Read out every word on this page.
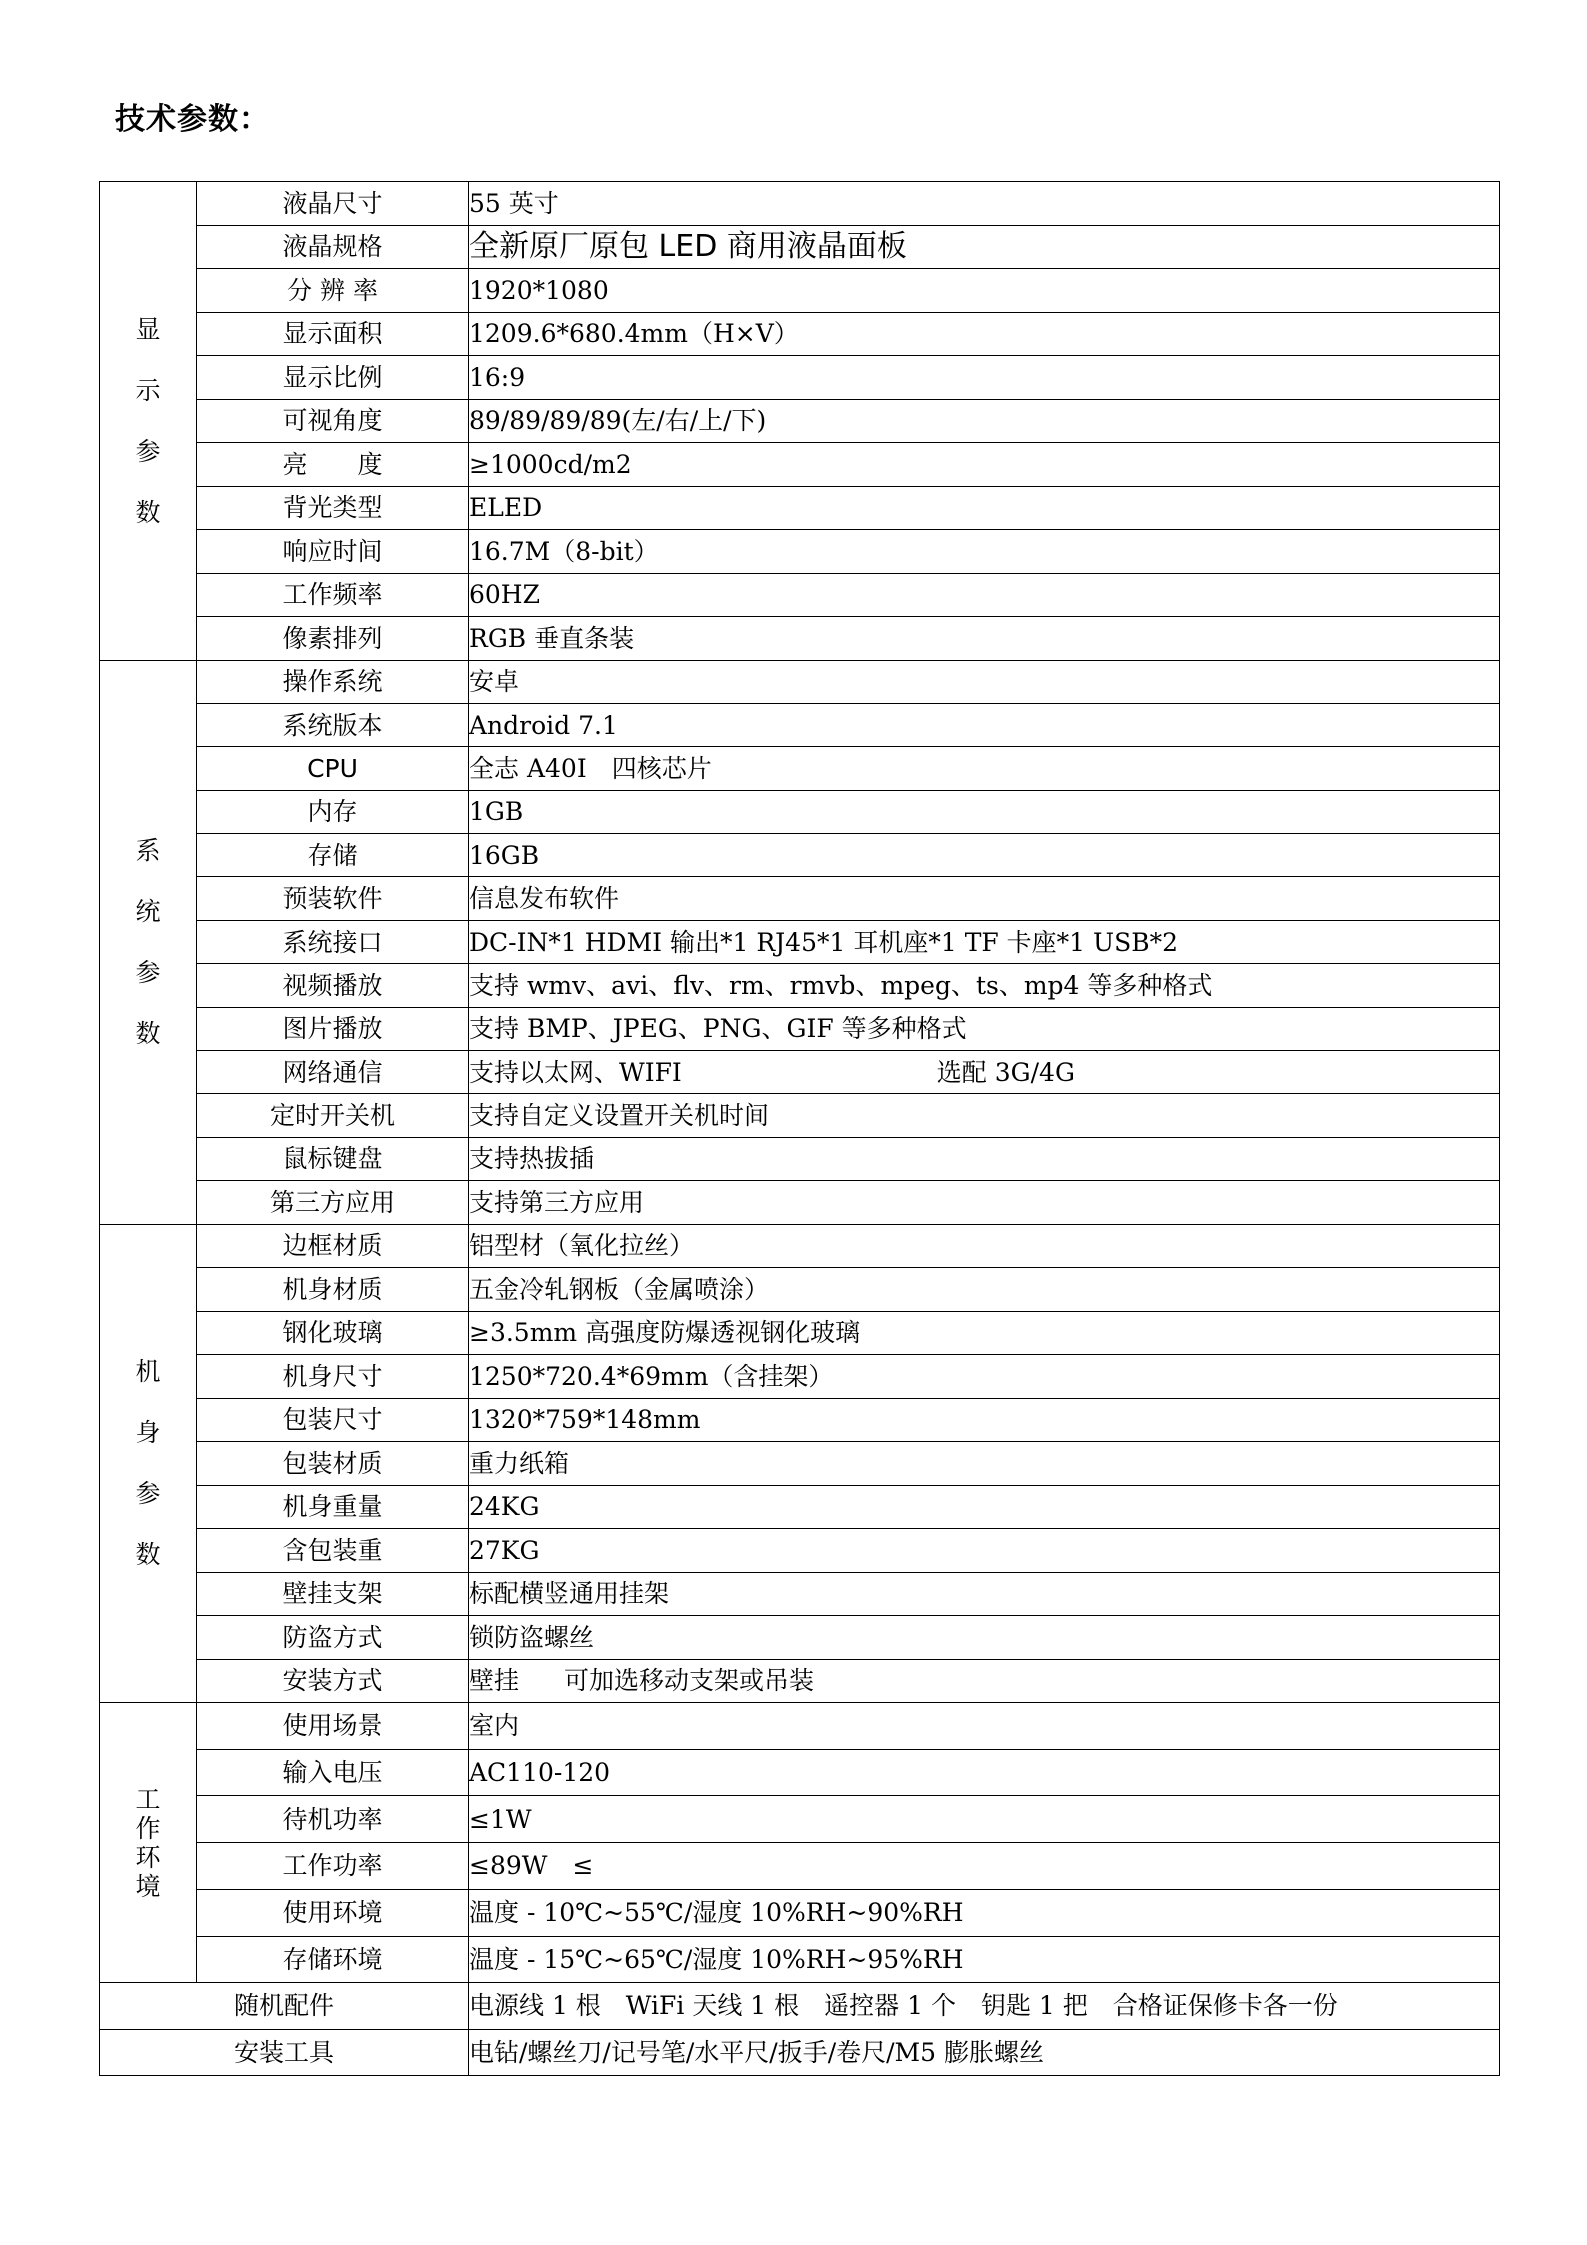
技术参数：
显
示
参
数	液晶尺寸	55 英寸
	液晶规格	全新原厂原包 LED 商用液晶面板
	分 辨 率	1920*1080
	显示面积	1209.6*680.4mm（H×V）
	显示比例	16:9
	可视角度	89/89/89/89(左/右/上/下)
	亮　　度	≥1000cd/m2
	背光类型	ELED
	响应时间	16.7M（8-bit）
	工作频率	60HZ
	像素排列	RGB 垂直条装

系
统
参
数	操作系统	安卓
	系统版本	Android 7.1
	CPU	全志 A40I　四核芯片
	内存	1GB
	存储	16GB
	预装软件	信息发布软件
	系统接口	DC-IN*1 HDMI 输出*1 RJ45*1 耳机座*1 TF 卡座*1 USB*2
	视频播放	支持 wmv、avi、flv、rm、rmvb、mpeg、ts、mp4 等多种格式
	图片播放	支持 BMP、JPEG、PNG、GIF 等多种格式
	网络通信	支持以太网、WIFI 选配 3G/4G
	定时开关机	支持自定义设置开关机时间
	鼠标键盘	支持热拔插
	第三方应用	支持第三方应用

机
身
参
数	边框材质	铝型材（氧化拉丝）
	机身材质	五金冷轧钢板（金属喷涂）
	钢化玻璃	≥3.5mm 高强度防爆透视钢化玻璃
	机身尺寸	1250*720.4*69mm（含挂架）
	包装尺寸	1320*759*148mm
	包装材质	重力纸箱
	机身重量	24KG
	含包装重	27KG
	壁挂支架	标配横竖通用挂架
	防盗方式	锁防盗螺丝
	安装方式	壁挂 可加选移动支架或吊装

工
作
环
境	使用场景	室内
	输入电压	AC110-120
	待机功率	≤1W
	工作功率	≤89W　≤
	使用环境	温度 - 10℃~55℃/湿度 10%RH~90%RH
	存储环境	温度 - 15℃~65℃/湿度 10%RH~95%RH
随机配件		电源线 1 根　WiFi 天线 1 根　遥控器 1 个　钥匙 1 把　合格证保修卡各一份
安装工具		电钻/螺丝刀/记号笔/水平尺/扳手/卷尺/M5 膨胀螺丝
